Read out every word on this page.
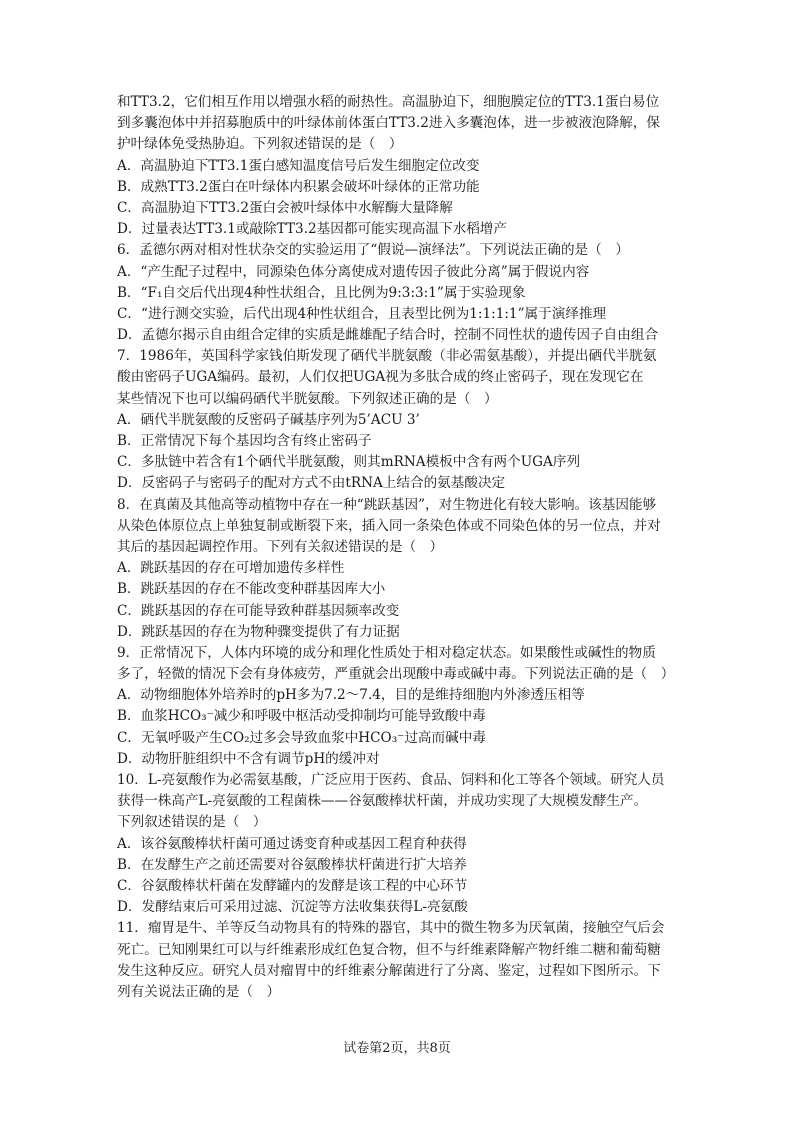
和TT3.2，它们相互作用以增强水稻的耐热性。高温胁迫下，细胞膜定位的TT3.1蛋白易位
到多囊泡体中并招募胞质中的叶绿体前体蛋白TT3.2进入多囊泡体，进一步被液泡降解，保
护叶绿体免受热胁迫。下列叙述错误的是（　）
A．高温胁迫下TT3.1蛋白感知温度信号后发生细胞定位改变
B．成熟TT3.2蛋白在叶绿体内积累会破坏叶绿体的正常功能
C．高温胁迫下TT3.2蛋白会被叶绿体中水解酶大量降解
D．过量表达TT3.1或敲除TT3.2基因都可能实现高温下水稻增产
6．孟德尔两对相对性状杂交的实验运用了“假说—演绎法”。下列说法正确的是（　）
A．“产生配子过程中，同源染色体分离使成对遗传因子彼此分离”属于假说内容
B．“F₁自交后代出现4种性状组合，且比例为9:3:3:1”属于实验现象
C．“进行测交实验，后代出现4种性状组合，且表型比例为1:1:1:1”属于演绎推理
D．孟德尔揭示自由组合定律的实质是雌雄配子结合时，控制不同性状的遗传因子自由组合
7．1986年，英国科学家钱伯斯发现了硒代半胱氨酸（非必需氨基酸），并提出硒代半胱氨
酸由密码子UGA编码。最初，人们仅把UGA视为多肽合成的终止密码子，现在发现它在
某些情况下也可以编码硒代半胱氨酸。下列叙述正确的是（　）
A．硒代半胱氨酸的反密码子碱基序列为5’ACU 3’
B．正常情况下每个基因均含有终止密码子
C．多肽链中若含有1个硒代半胱氨酸，则其mRNA模板中含有两个UGA序列
D．反密码子与密码子的配对方式不由tRNA上结合的氨基酸决定
8．在真菌及其他高等动植物中存在一种“跳跃基因”，对生物进化有较大影响。该基因能够
从染色体原位点上单独复制或断裂下来，插入同一条染色体或不同染色体的另一位点，并对
其后的基因起调控作用。下列有关叙述错误的是（　）
A．跳跃基因的存在可增加遗传多样性
B．跳跃基因的存在不能改变种群基因库大小
C．跳跃基因的存在可能导致种群基因频率改变
D．跳跃基因的存在为物种骤变提供了有力证据
9．正常情况下，人体内环境的成分和理化性质处于相对稳定状态。如果酸性或碱性的物质
多了，轻微的情况下会有身体疲劳，严重就会出现酸中毒或碱中毒。下列说法正确的是（　）
A．动物细胞体外培养时的pH多为7.2～7.4，目的是维持细胞内外渗透压相等
B．血浆HCO₃⁻减少和呼吸中枢活动受抑制均可能导致酸中毒
C．无氧呼吸产生CO₂过多会导致血浆中HCO₃⁻过高而碱中毒
D．动物肝脏组织中不含有调节pH的缓冲对
10．L-亮氨酸作为必需氨基酸，广泛应用于医药、食品、饲料和化工等各个领域。研究人员
获得一株高产L-亮氨酸的工程菌株——谷氨酸棒状杆菌，并成功实现了大规模发酵生产。
下列叙述错误的是（　）
A．该谷氨酸棒状杆菌可通过诱变育种或基因工程育种获得
B．在发酵生产之前还需要对谷氨酸棒状杆菌进行扩大培养
C．谷氨酸棒状杆菌在发酵罐内的发酵是该工程的中心环节
D．发酵结束后可采用过滤、沉淀等方法收集获得L-亮氨酸
11．瘤胃是牛、羊等反刍动物具有的特殊的器官，其中的微生物多为厌氧菌，接触空气后会
死亡。已知刚果红可以与纤维素形成红色复合物，但不与纤维素降解产物纤维二糖和葡萄糖
发生这种反应。研究人员对瘤胃中的纤维素分解菌进行了分离、鉴定，过程如下图所示。下
列有关说法正确的是（　）
试卷第2页，共8页
